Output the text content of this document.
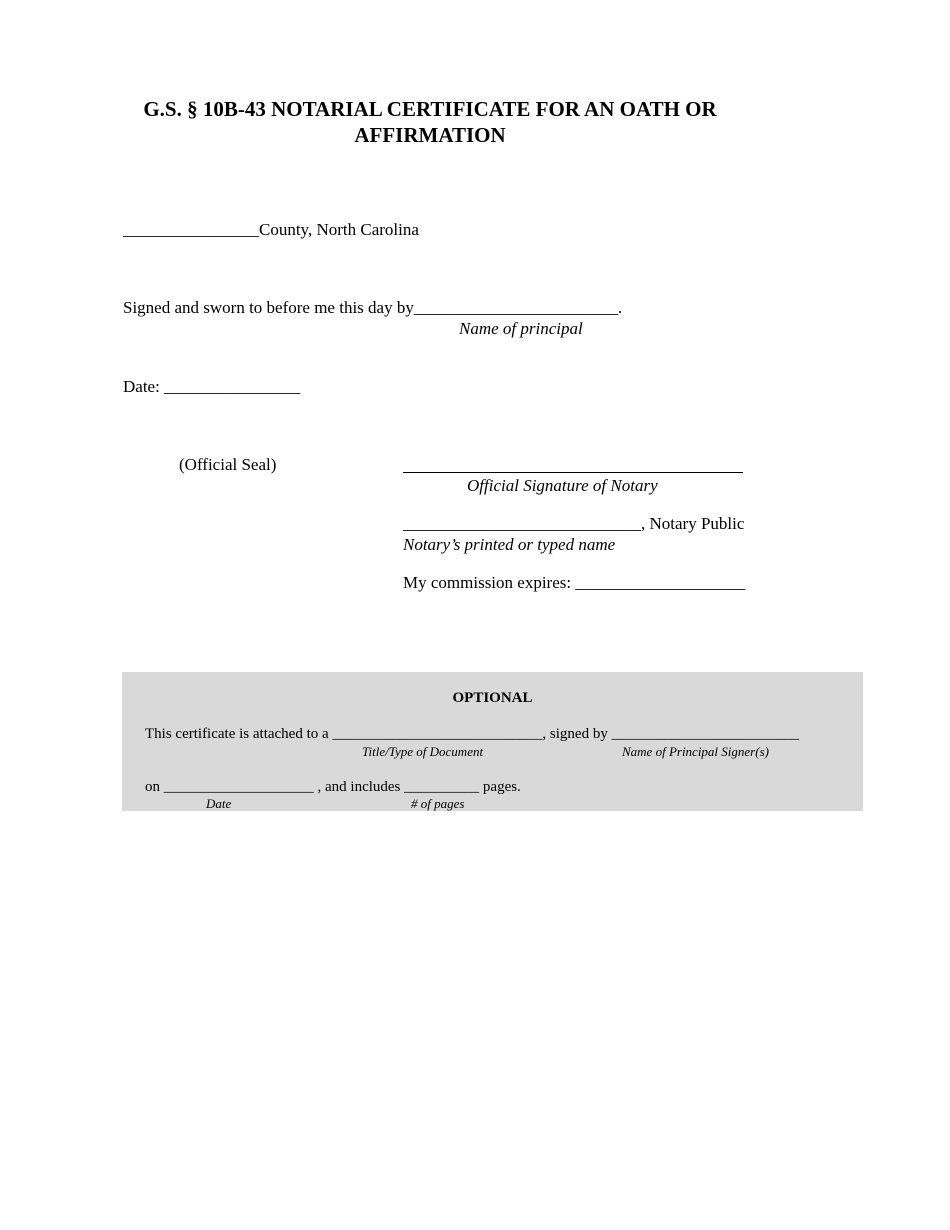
G.S. § 10B-43 NOTARIAL CERTIFICATE FOR AN OATH OR
AFFIRMATION
________________County, North Carolina
Signed and sworn to before me this day by________________________.
Name of principal
Date: ________________
(Official Seal)
Official Signature of Notary
____________________________, Notary Public
Notary’s printed or typed name
My commission expires: ____________________
OPTIONAL
This certificate is attached to a ____________________________, signed by _________________________
Title/Type of Document	Name of Principal Signer(s)
on ____________________ , and includes __________ pages.
Date	# of pages
